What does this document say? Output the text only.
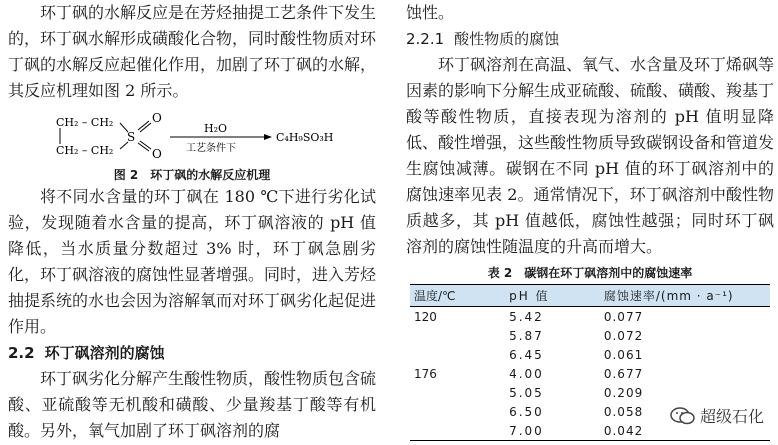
环丁砜的水解反应是在芳烃抽提工艺条件下发生的，环丁砜水解形成磺酸化合物，同时酸性物质对环丁砜的水解反应起催化作用，加剧了环丁砜的水解，其反应机理如图 2 所示。

CH₂ – CH₂
CH₂ – CH₂
S
O
O
H₂O
工艺条件下
C₄H₉SO₃H

图 2　环丁砜的水解反应机理

将不同水含量的环丁砜在 180 ℃下进行劣化试验，发现随着水含量的提高，环丁砜溶液的 pH 值降低，当水质量分数超过 3% 时，环丁砜急剧劣化，环丁砜溶液的腐蚀性显著增强。同时，进入芳烃抽提系统的水也会因为溶解氧而对环丁砜劣化起促进作用。

2.2 环丁砜溶剂的腐蚀

环丁砜劣化分解产生酸性物质，酸性物质包含硫酸、亚硫酸等无机酸和磺酸、少量羧基丁酸等有机酸。另外，氧气加剧了环丁砜溶剂的腐

蚀性。

2.2.1 酸性物质的腐蚀

环丁砜溶剂在高温、氧气、水含量及环丁烯砜等因素的影响下分解生成亚硫酸、硫酸、磺酸、羧基丁酸等酸性物质，直接表现为溶剂的 pH 值明显降低、酸性增强，这些酸性物质导致碳钢设备和管道发生腐蚀减薄。碳钢在不同 pH 值的环丁砜溶剂中的腐蚀速率见表 2。通常情况下，环丁砜溶剂中酸性物质越多，其 pH 值越低，腐蚀性越强；同时环丁砜溶剂的腐蚀性随温度的升高而增大。

表 2　碳钢在环丁砜溶剂中的腐蚀速率

温度/℃	pH 值	腐蚀速率/(mm · a⁻¹)
120	5.42	0.077
	5.87	0.072
	6.45	0.061
176	4.00	0.677
	5.05	0.209
	6.50	0.058
	7.00	0.042
超级石化
